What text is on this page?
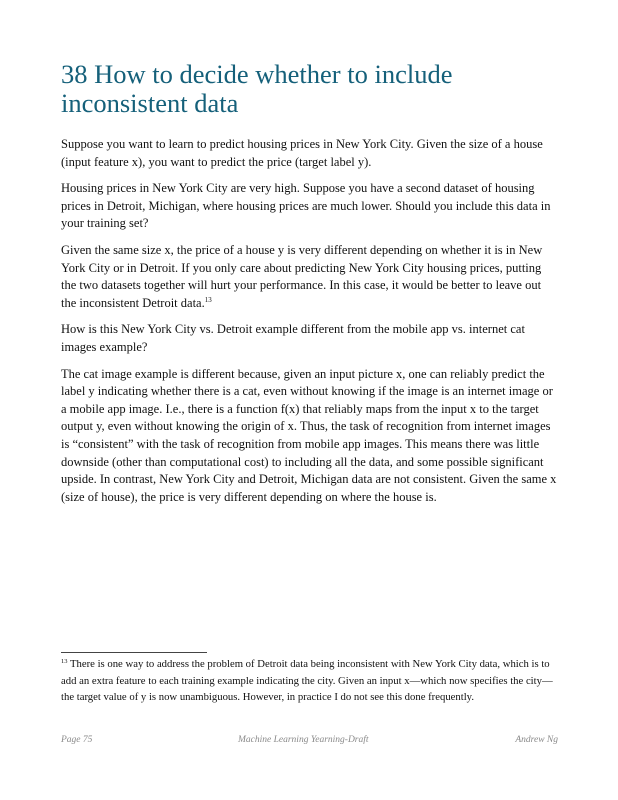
38 How to decide whether to include inconsistent data

Suppose you want to learn to predict housing prices in New York City. Given the size of a house (input feature x), you want to predict the price (target label y).

Housing prices in New York City are very high. Suppose you have a second dataset of housing prices in Detroit, Michigan, where housing prices are much lower. Should you include this data in your training set?

Given the same size x, the price of a house y is very different depending on whether it is in New York City or in Detroit. If you only care about predicting New York City housing prices, putting the two datasets together will hurt your performance. In this case, it would be better to leave out the inconsistent Detroit data.$^{13}$

How is this New York City vs. Detroit example different from the mobile app vs. internet cat images example?

The cat image example is different because, given an input picture x, one can reliably predict the label y indicating whether there is a cat, even without knowing if the image is an internet image or a mobile app image. I.e., there is a function f(x) that reliably maps from the input x to the target output y, even without knowing the origin of x. Thus, the task of recognition from internet images is “consistent” with the task of recognition from mobile app images. This means there was little downside (other than computational cost) to including all the data, and some possible significant upside. In contrast, New York City and Detroit, Michigan data are not consistent. Given the same x (size of house), the price is very different depending on where the house is.

$^{13}$ There is one way to address the problem of Detroit data being inconsistent with New York City data, which is to add an extra feature to each training example indicating the city. Given an input x—which now specifies the city—the target value of y is now unambiguous. However, in practice I do not see this done frequently.
Page 75	Machine Learning Yearning-Draft	Andrew Ng
